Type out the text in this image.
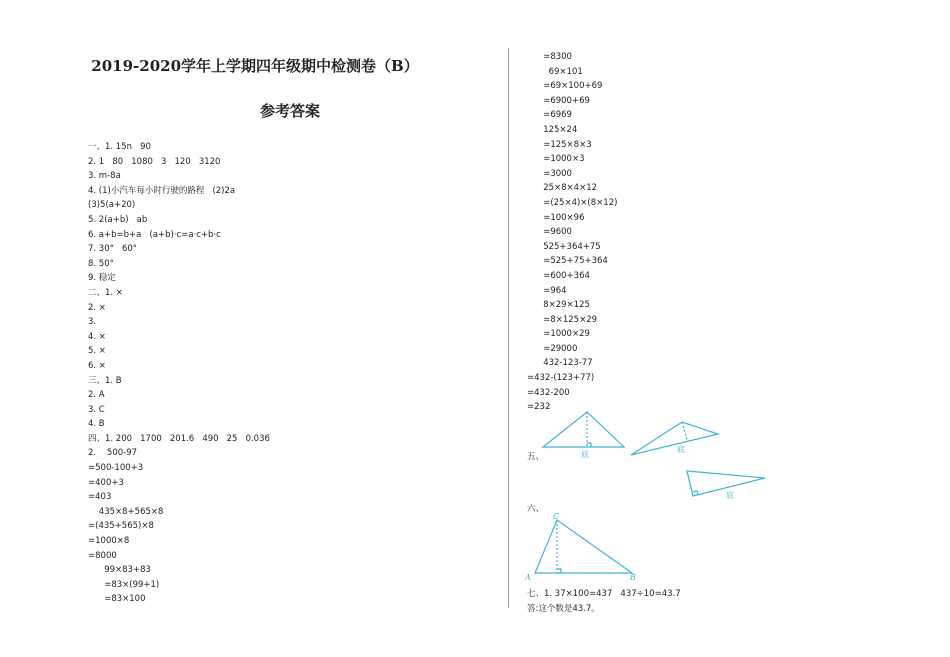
2019-2020学年上学期四年级期中检测卷（B）
参考答案
一、1. 15n   90
2. 1   80   1080   3   120   3120
3. m-8a
4. (1)小汽车每小时行驶的路程   (2)2a
(3)5(a+20)
5. 2(a+b)   ab
6. a+b=b+a   (a+b)·c=a·c+b·c
7. 30°   60°
8. 50°
9. 稳定
二、1. ×
2. ×
3.
4. ×
5. ×
6. ×
三、1. B
2. A
3. C
4. B
四、1. 200   1700   201.6   490   25   0.036
2.    500-97
=500-100+3
=400+3
=403
435×8+565×8
=(435+565)×8
=1000×8
=8000
99×83+83
=83×(99+1)
=83×100
=8300
69×101
=69×100+69
=6900+69
=6969
125×24
=125×8×3
=1000×3
=3000
25×8×4×12
=(25×4)×(8×12)
=100×96
=9600
525+364+75
=525+75+364
=600+364
=964
8×29×125
=8×125×29
=1000×29
=29000
432-123-77
=432-(123+77)
=432-200
=232
五、
六、
底
底
底
C
A	B
七、1. 37×100=437   437÷10=43.7
答:这个数是43.7。
